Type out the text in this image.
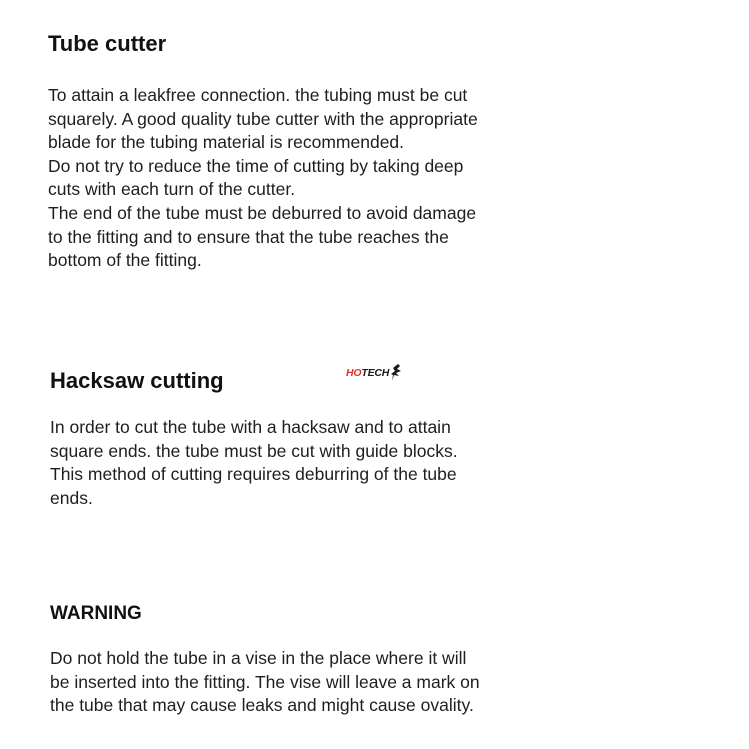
Tube cutter
To attain a leakfree connection. the tubing must be cut
squarely. A good quality tube cutter with the appropriate
blade for the tubing material is recommended.
Do not try to reduce the time of cutting by taking deep
cuts with each turn of the cutter.
The end of the tube must be deburred to avoid damage
to the fitting and to ensure that the tube reaches the
bottom of the fitting.
HOTECH
Hacksaw cutting
In order to cut the tube with a hacksaw and to attain
square ends. the tube must be cut with guide blocks.
This method of cutting requires deburring of the tube
ends.
WARNING
Do not hold the tube in a vise in the place where it will
be inserted into the fitting. The vise will leave a mark on
the tube that may cause leaks and might cause ovality.
